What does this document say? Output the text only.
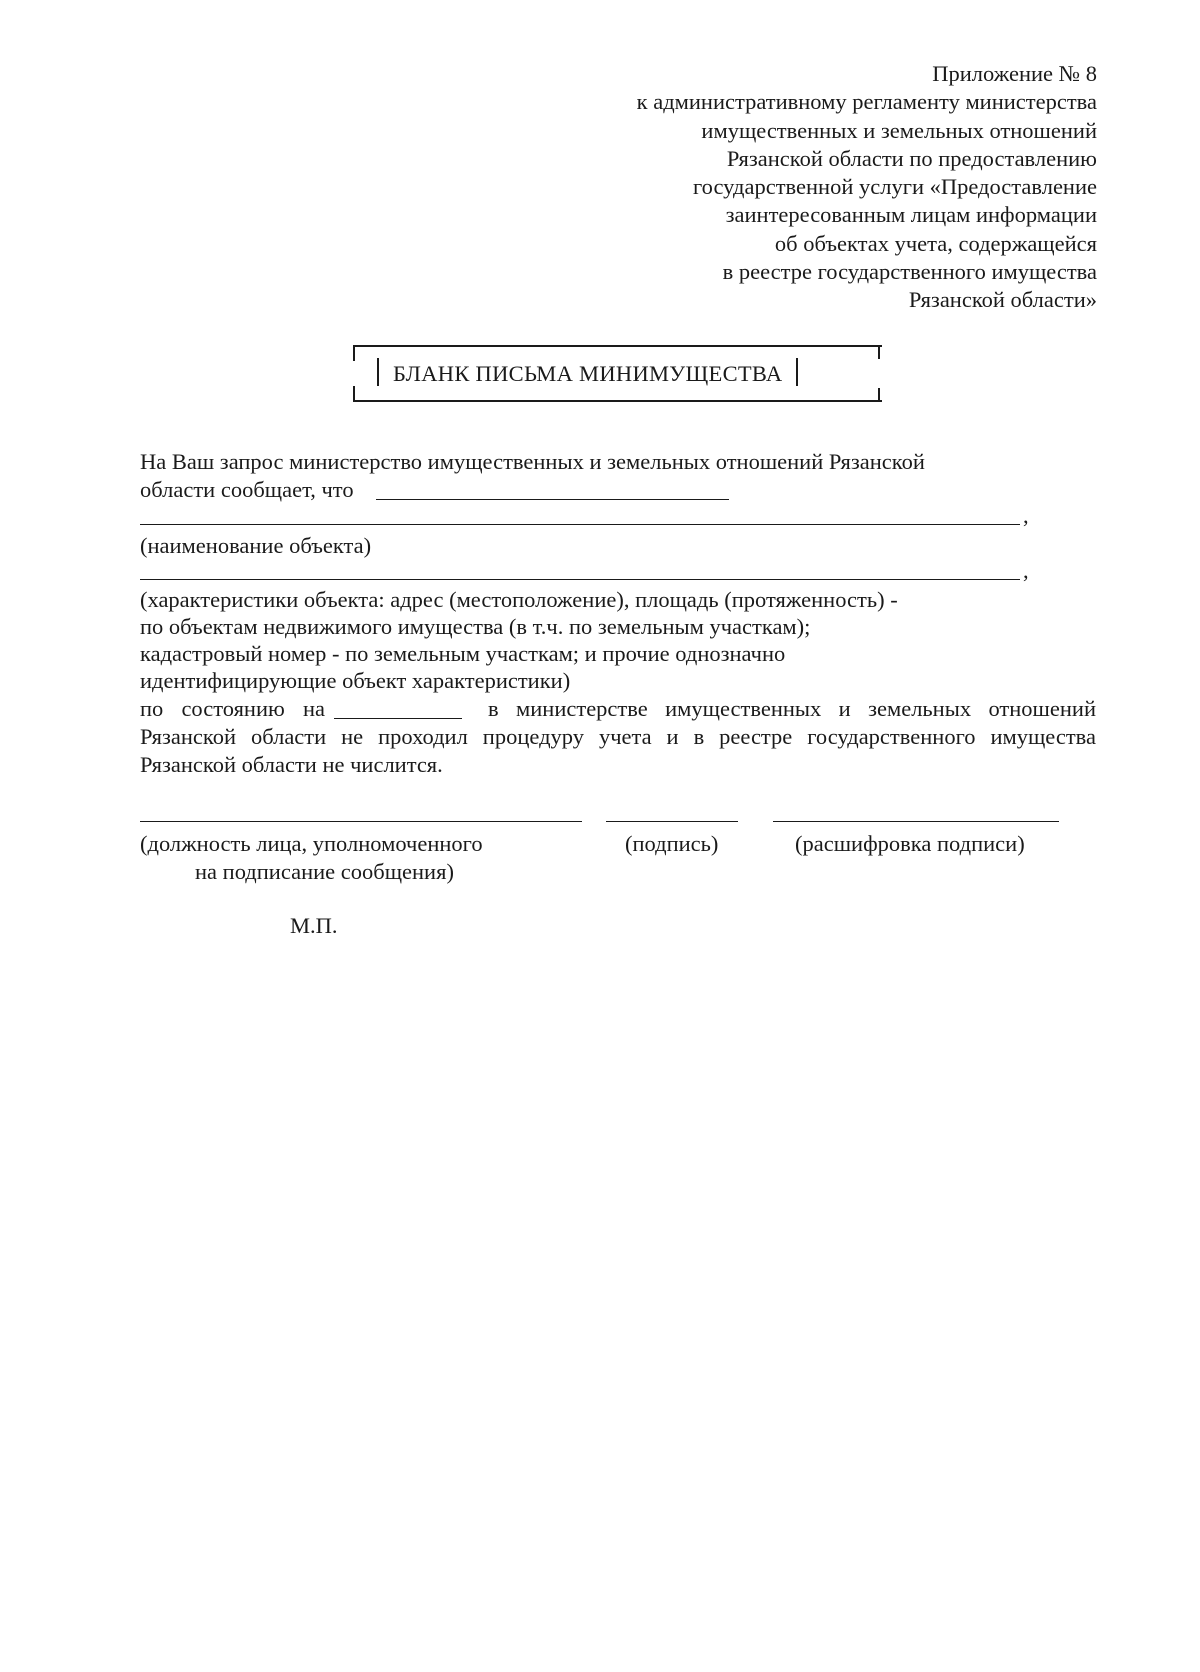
Приложение № 8
к административному регламенту министерства
имущественных и земельных отношений
Рязанской области по предоставлению
государственной услуги «Предоставление
заинтересованным лицам информации
об объектах учета, содержащейся
в реестре государственного имущества
Рязанской области»
БЛАНК ПИСЬМА МИНИМУЩЕСТВА
На Ваш запрос министерство имущественных и земельных отношений Рязанской
области сообщает, что
,
(наименование объекта)
,
(характеристики объекта: адрес (местоположение), площадь (протяженность) -
по объектам недвижимого имущества (в т.ч. по земельным участкам);
кадастровый номер - по земельным участкам; и прочие однозначно
идентифицирующие объект характеристики)
по состоянию на	в министерстве имущественных и земельных отношений
Рязанской области не проходил процедуру учета и в реестре государственного имущества
Рязанской области не числится.
(должность лица, уполномоченного
на подписание сообщения)
(подпись)	(расшифровка подписи)
М.П.
